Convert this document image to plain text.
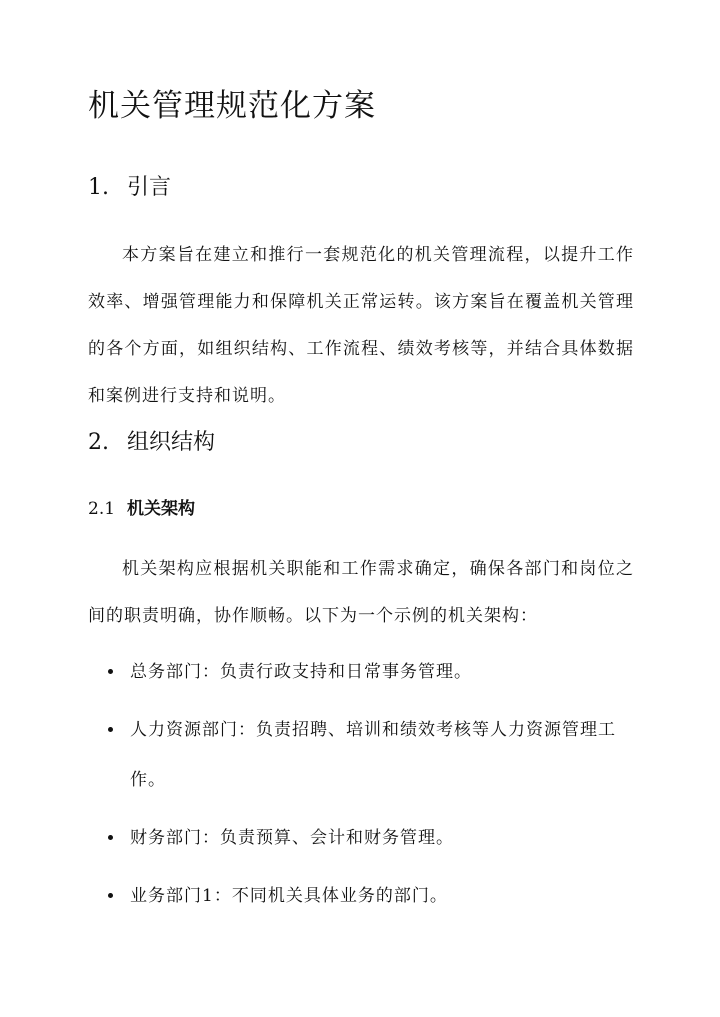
机关管理规范化方案
1. 引言

本方案旨在建立和推行一套规范化的机关管理流程，以提升工作效率、增强管理能力和保障机关正常运转。该方案旨在覆盖机关管理的各个方面，如组织结构、工作流程、绩效考核等，并结合具体数据和案例进行支持和说明。

2. 组织结构
2.1 机关架构

机关架构应根据机关职能和工作需求确定，确保各部门和岗位之间的职责明确，协作顺畅。以下为一个示例的机关架构：

总务部门：负责行政支持和日常事务管理。
人力资源部门：负责招聘、培训和绩效考核等人力资源管理工作。
财务部门：负责预算、会计和财务管理。
业务部门1：不同机关具体业务的部门。
